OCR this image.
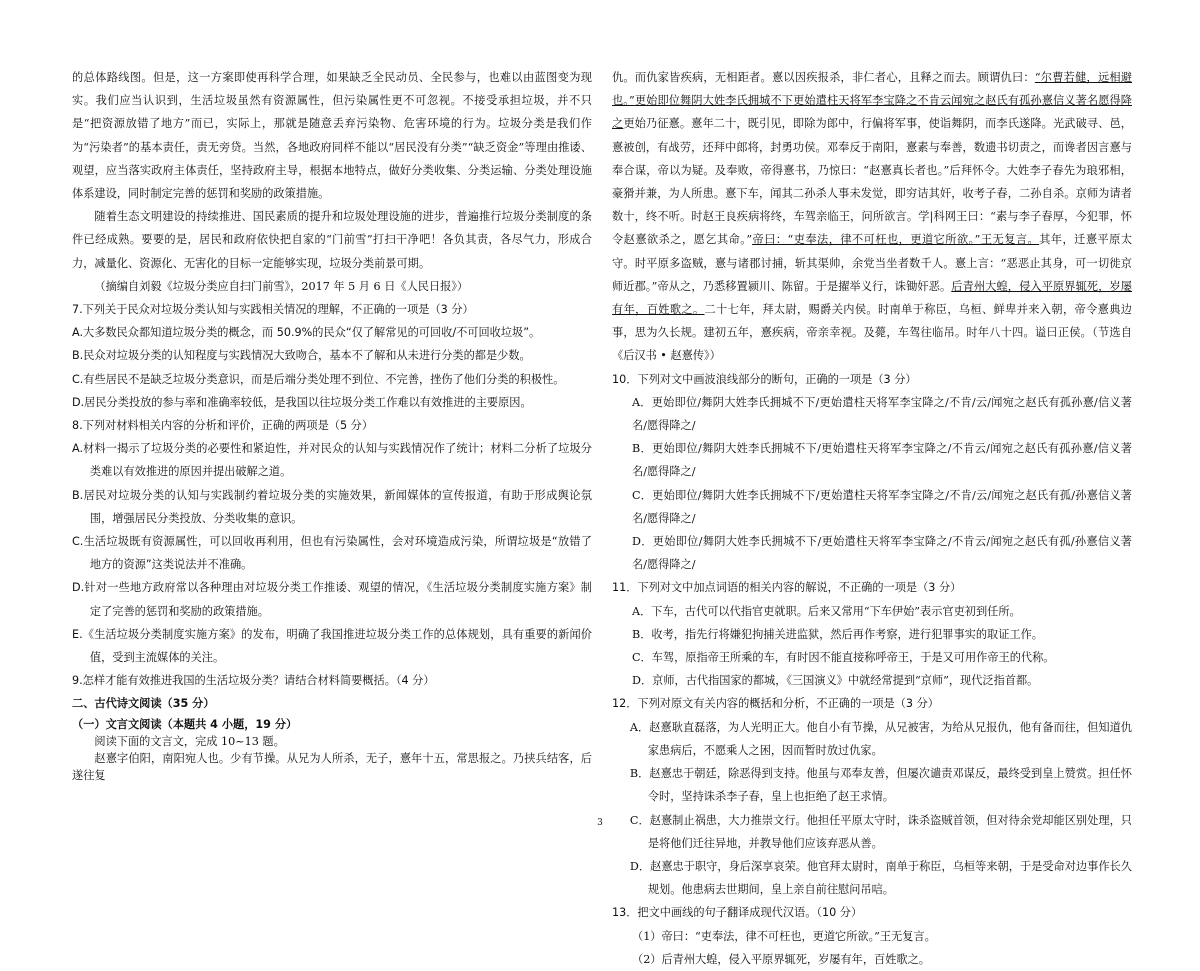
的总体路线图。但是，这一方案即使再科学合理，如果缺乏全民动员、全民参与，也难以由蓝图变为现实。我们应当认识到，生活垃圾虽然有资源属性，但污染属性更不可忽视。不接受承担垃圾，并不只是“把资源放错了地方”而已，实际上，那就是随意丢弃污染物、危害环境的行为。垃圾分类是我们作为“污染者”的基本责任，责无旁贷。当然，各地政府同样不能以“居民没有分类”“缺乏资金”等理由推诿、观望，应当落实政府主体责任，坚持政府主导，根据本地特点，做好分类收集、分类运输、分类处理设施体系建设，同时制定完善的惩罚和奖励的政策措施。

随着生态文明建设的持续推进、国民素质的提升和垃圾处理设施的进步，普遍推行垃圾分类制度的条件已经成熟。要要的是，居民和政府依快把自家的“门前雪”打扫干净吧！各负其责，各尽气力，形成合力，减量化、资源化、无害化的目标一定能够实现，垃圾分类前景可期。

（摘编自刘毅《垃圾分类应自扫门前雪》，2017 年 5 月 6 日《人民日报》）

7.下列关于民众对垃圾分类认知与实践相关情况的理解，不正确的一项是（3 分）

A.大多数民众都知道垃圾分类的概念，而 50.9%的民众“仅了解常见的可回收/不可回收垃圾”。

B.民众对垃圾分类的认知程度与实践情况大致吻合，基本不了解和从未进行分类的都是少数。

C.有些居民不是缺乏垃圾分类意识，而是后端分类处理不到位、不完善，挫伤了他们分类的积极性。

D.居民分类投放的参与率和准确率较低，是我国以往垃圾分类工作难以有效推进的主要原因。

8.下列对材料相关内容的分析和评价，正确的两项是（5 分）

A.材料一揭示了垃圾分类的必要性和紧迫性，并对民众的认知与实践情况作了统计；材料二分析了垃圾分类难以有效推进的原因并提出破解之道。

B.居民对垃圾分类的认知与实践制约着垃圾分类的实施效果，新闻媒体的宣传报道，有助于形成舆论氛围，增强居民分类投放、分类收集的意识。

C.生活垃圾既有资源属性，可以回收再利用，但也有污染属性，会对环境造成污染，所谓垃圾是“放错了地方的资源”这类说法并不准确。

D.针对一些地方政府常以各种理由对垃圾分类工作推诿、观望的情况，《生活垃圾分类制度实施方案》制定了完善的惩罚和奖励的政策措施。

E.《生活垃圾分类制度实施方案》的发布，明确了我国推进垃圾分类工作的总体规划，具有重要的新闻价值，受到主流媒体的关注。

9.怎样才能有效推进我国的生活垃圾分类？请结合材料简要概括。（4 分）

二、古代诗文阅读（35 分）

（一）文言文阅读（本题共 4 小题，19 分）

阅读下面的文言文，完成 10~13 题。

赵憙字伯阳，南阳宛人也。少有节操。从兄为人所杀，无子，憙年十五，常思报之。乃挟兵结客，后遂往复

仇。而仇家皆疾病，无相距者。憙以因疾报杀，非仁者心，且释之而去。顾谓仇曰：“尔曹若健，远相避也。”更始即位舞阴大姓李氏拥城不下更始遣柱天将军李宝降之不肯云闻宛之赵氏有孤孙憙信义著名愿得降之更始乃征憙。憙年二十，既引见，即除为郎中，行偏将军事，使诣舞阴，而李氏遂降。光武破寻、邑，憙被创，有战劳，还拜中郎将，封勇功侯。邓奉反于南阳，憙素与奉善，数遗书切责之，而谗者因言憙与奉合谋，帝以为疑。及奉败，帝得憙书，乃惊曰：“赵憙真长者也。”后拜怀令。大姓李子春先为琅邪相，豪猾并兼，为人所患。憙下车，闻其二孙杀人事未发觉，即穷诘其奸，收考子春，二孙自杀。京师为请者数十，终不听。时赵王良疾病将终，车驾亲临王，问所欲言。学|科网王曰：“素与李子春厚，今犯罪，怀令赵憙欲杀之，愿乞其命。”帝曰：“吏奉法，律不可枉也，更道它所欲。”王无复言。其年，迁憙平原太守。时平原多盗贼，憙与诸郡讨捕，斩其渠帅，余党当坐者数千人。憙上言：“恶恶止其身，可一切徙京师近郡。”帝从之，乃悉移置颍川、陈留。于是擢举义行，诛锄奸恶。后青州大蝗，侵入平原界辄死，岁屡有年，百姓歌之。二十七年，拜太尉，赐爵关内侯。时南单于称臣，乌桓、鲜卑并来入朝，帝令憙典边事，思为久长规。建初五年，憙疾病，帝亲幸视。及薨，车驾往临吊。时年八十四。谥曰正侯。（节选自《后汉书 • 赵憙传》）

10．下列对文中画波浪线部分的断句，正确的一项是（3 分）

A．更始即位/舞阴大姓李氏拥城不下/更始遣柱天将军李宝降之/不肯/云/闻宛之赵氏有孤孙憙/信义著名/愿得降之/

B．更始即位/舞阴大姓李氏拥城不下/更始遣柱天将军李宝降之/不肯云/闻宛之赵氏有孤孙憙/信义著名/愿得降之/

C．更始即位/舞阴大姓李氏拥城不下/更始遣柱天将军李宝降之/不肯/云/闻宛之赵氏有孤/孙憙信义著名/愿得降之/

D．更始即位/舞阴大姓李氏拥城不下/更始遣柱天将军李宝降之/不肯云/闻宛之赵氏有孤/孙憙信义著名/愿得降之/

11．下列对文中加点词语的相关内容的解说，不正确的一项是（3 分）

A．下车，古代可以代指官吏就职。后来又常用“下车伊始”表示官吏初到任所。

B．收考，指先行将嫌犯拘捕关进监狱，然后再作考察，进行犯罪事实的取证工作。

C．车驾，原指帝王所乘的车，有时因不能直接称呼帝王，于是又可用作帝王的代称。

D．京师，古代指国家的都城，《三国演义》中就经常提到“京师”，现代泛指首都。

12．下列对原文有关内容的概括和分析，不正确的一项是（3 分）

A．赵憙耿直磊落，为人光明正大。他自小有节操，从兄被害，为给从兄报仇，他有备而往，但知道仇家患病后，不愿乘人之困，因而暂时放过仇家。

B．赵憙忠于朝廷，除恶得到支持。他虽与邓奉友善，但屡次谴责邓谋反，最终受到皇上赞赏。担任怀令时，坚持诛杀李子春，皇上也拒绝了赵王求情。

C．赵憙制止祸患，大力推崇文行。他担任平原太守时，诛杀盗贼首领，但对待余党却能区别处理，只是将他们迁往异地，并教导他们应该弃恶从善。

D．赵憙忠于职守，身后深享哀荣。他官拜太尉时，南单于称臣，乌桓等来朝，于是受命对边事作长久规划。他患病去世期间，皇上亲自前往慰问吊唁。

13．把文中画线的句子翻译成现代汉语。（10 分）

（1）帝曰：“吏奉法，律不可枉也，更道它所欲。”王无复言。

（2）后青州大蝗，侵入平原界辄死，岁屡有年，百姓歌之。

3
